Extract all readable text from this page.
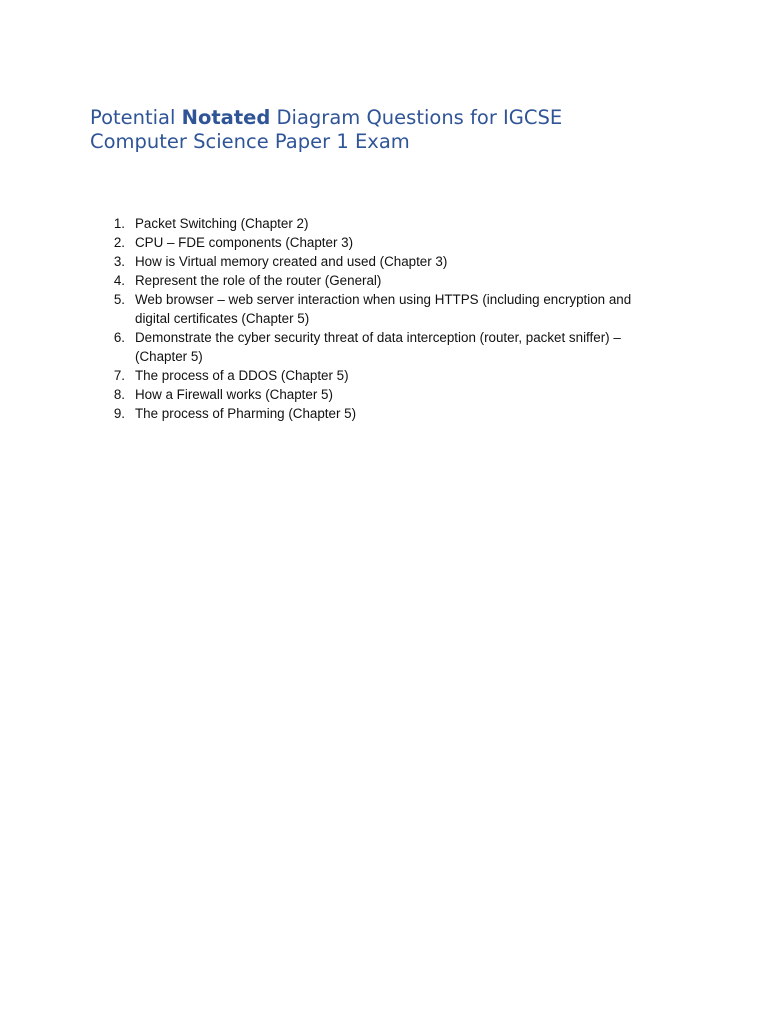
Potential Notated Diagram Questions for IGCSE Computer Science Paper 1 Exam
1. Packet Switching (Chapter 2)
2. CPU – FDE components (Chapter 3)
3. How is Virtual memory created and used (Chapter 3)
4. Represent the role of the router (General)
5. Web browser – web server interaction when using HTTPS (including encryption and digital certificates (Chapter 5)
6. Demonstrate the cyber security threat of data interception (router, packet sniffer) – (Chapter 5)
7. The process of a DDOS (Chapter 5)
8. How a Firewall works (Chapter 5)
9. The process of Pharming (Chapter 5)
